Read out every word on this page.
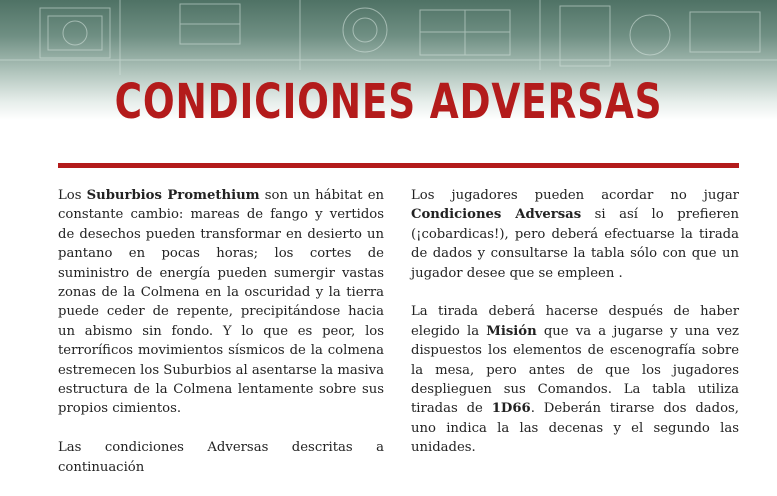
CONDICIONES ADVERSAS

Los Suburbios Promethium son un hábitat en constante cambio: mareas de fango y vertidos de desechos pueden transformar en desierto un pantano en pocas horas; los cortes de suministro de energía pueden sumergir vastas zonas de la Colmena en la oscuridad y la tierra puede ceder de repente, precipitándose hacia un abismo sin fondo. Y lo que es peor, los terroríficos movimientos sísmicos de la colmena estremecen los Suburbios al asentarse la masiva estructura de la Colmena lentamente sobre sus propios cimientos.

Las condiciones Adversas descritas a continuación

Los jugadores pueden acordar no jugar Condiciones Adversas si así lo prefieren (¡cobardicas!), pero deberá efectuarse la tirada de dados y consultarse la tabla sólo con que un jugador desee que se empleen .

La tirada deberá hacerse después de haber elegido la Misión que va a jugarse y una vez dispuestos los elementos de escenografía sobre la mesa, pero antes de que los jugadores desplieguen sus Comandos. La tabla utiliza tiradas de 1D66. Deberán tirarse dos dados, uno indica la las decenas y el segundo las unidades.
